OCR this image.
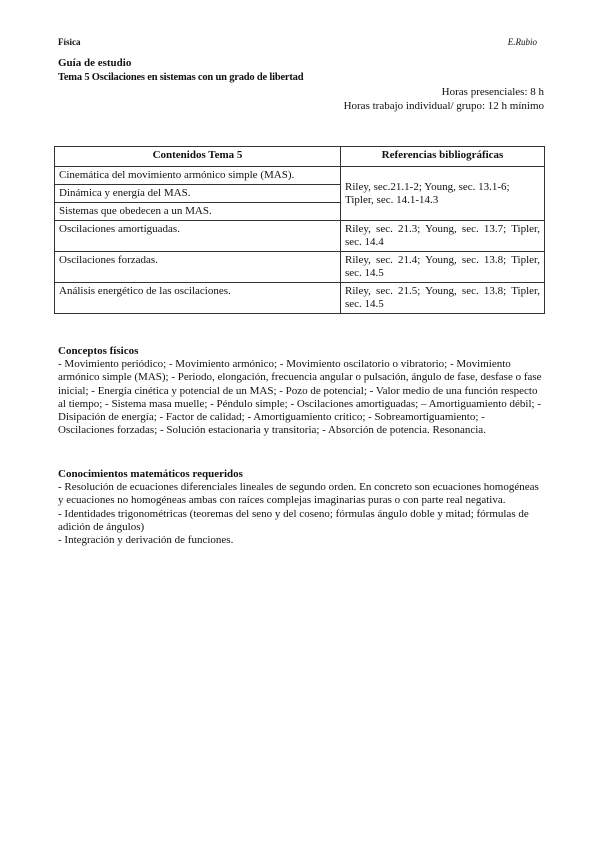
Física	E.Rubio
Guía de estudio
Tema 5 Oscilaciones en sistemas con un grado de libertad
Horas presenciales: 8 h
Horas trabajo individual/ grupo: 12 h mínimo
Contenidos Tema 5	Referencias bibliográficas
Cinemática del movimiento armónico simple (MAS).	Riley, sec.21.1-2; Young, sec. 13.1-6; Tipler, sec. 14.1-14.3
Dinámica y energía del MAS.	
Sistemas que obedecen a un MAS.	
Oscilaciones amortiguadas.	Riley, sec. 21.3; Young, sec. 13.7; Tipler, sec. 14.4
Oscilaciones forzadas.	Riley, sec. 21.4; Young, sec. 13.8; Tipler, sec. 14.5
Análisis energético de las oscilaciones.	Riley, sec. 21.5; Young, sec. 13.8; Tipler, sec. 14.5
Conceptos físicos

- Movimiento periódico; - Movimiento armónico; - Movimiento oscilatorio o vibratorio; - Movimiento armónico simple (MAS); - Periodo, elongación, frecuencia angular o pulsación, ángulo de fase, desfase o fase inicial; - Energía cinética y potencial de un MAS; - Pozo de potencial; - Valor medio de una función respecto al tiempo; - Sistema masa muelle; - Péndulo simple; - Oscilaciones amortiguadas; – Amortiguamiento débil; - Disipación de energía; - Factor de calidad; - Amortiguamiento crítico; - Sobreamortiguamiento; - Oscilaciones forzadas; - Solución estacionaria y transitoria; - Absorción de potencia. Resonancia.

Conocimientos matemáticos requeridos

- Resolución de ecuaciones diferenciales lineales de segundo orden. En concreto son ecuaciones homogéneas y ecuaciones no homogéneas ambas con raíces complejas imaginarias puras o con parte real negativa.

- Identidades trigonométricas (teoremas del seno y del coseno; fórmulas ángulo doble y mitad; fórmulas de adición de ángulos)

- Integración y derivación de funciones.
